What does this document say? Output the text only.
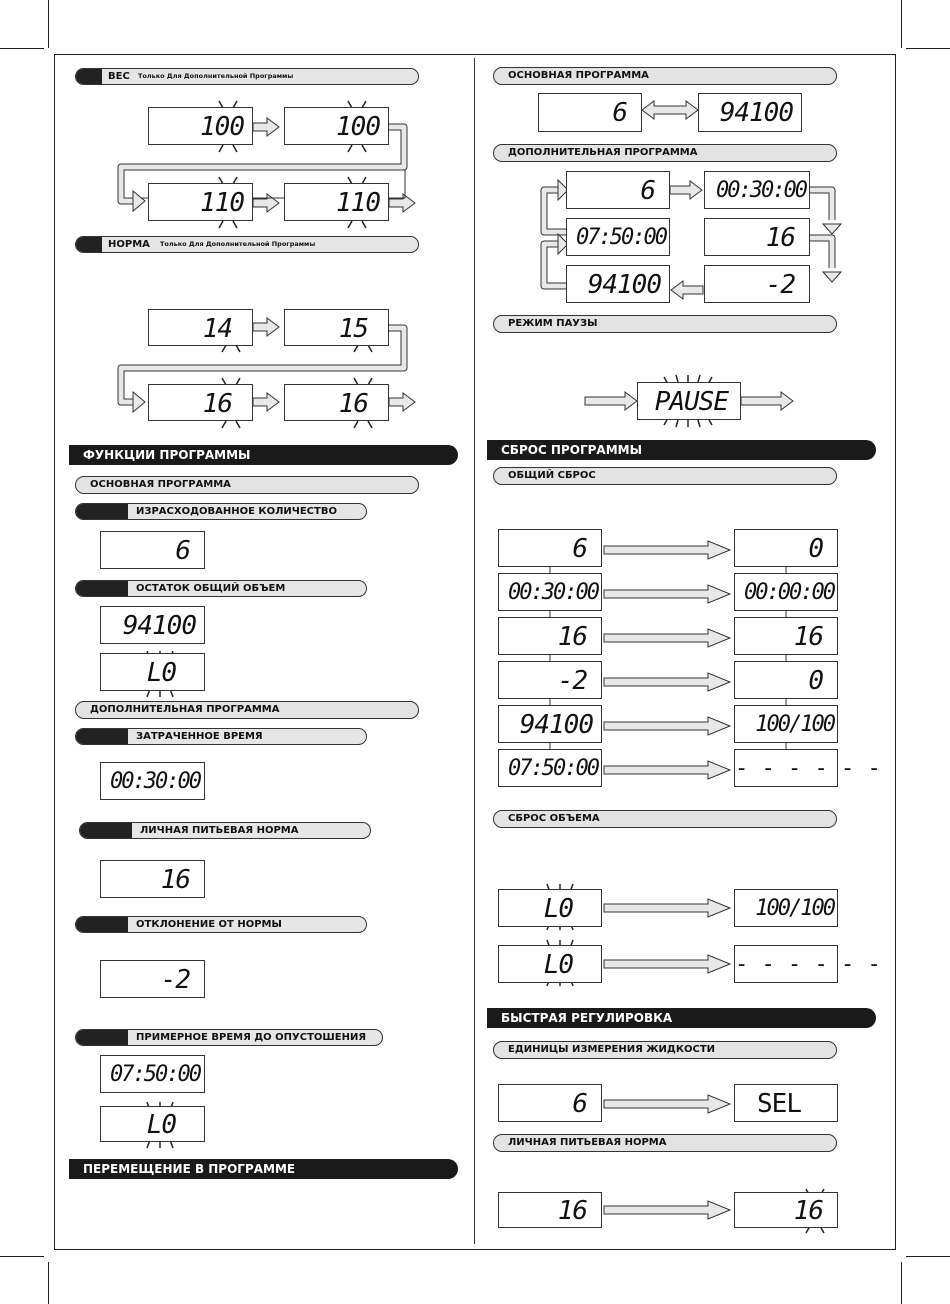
ВЕС Только Для Дополнительной Программы
100	100
110	110
НОРМА Только Для Дополнительной Программы
14	15
16	16
ФУНКЦИИ ПРОГРАММЫ
ОСНОВНАЯ ПРОГРАММА
ИЗРАСХОДОВАННОЕ КОЛИЧЕСТВО
6
ОСТАТОК ОБЩИЙ ОБЪЕМ
94100
L0
ДОПОЛНИТЕЛЬНАЯ ПРОГРАММА
ЗАТРАЧЕННОЕ ВРЕМЯ
00:30:00
ЛИЧНАЯ ПИТЬЕВАЯ НОРМА
16
ОТКЛОНЕНИЕ ОТ НОРМЫ
-2
ПРИМЕРНОЕ ВРЕМЯ ДО ОПУСТОШЕНИЯ
07:50:00
L0
ПЕРЕМЕЩЕНИЕ В ПРОГРАММЕ
ОСНОВНАЯ ПРОГРАММА
6	94100
ДОПОЛНИТЕЛЬНАЯ ПРОГРАММА
6	00:30:00
07:50:00	16
94100	-2
РЕЖИМ ПАУЗЫ
PAUSE
СБРОС ПРОГРАММЫ
ОБЩИЙ СБРОС
6	0
00:30:00	00:00:00
16	16
-2	0
94100	100/100
07:50:00	- - - - - -
СБРОС ОБЪЕМА
L0	100/100
L0	- - - - - -
БЫСТРАЯ РЕГУЛИРОВКА
ЕДИНИЦЫ ИЗМЕРЕНИЯ ЖИДКОСТИ
6	SEL
ЛИЧНАЯ ПИТЬЕВАЯ НОРМА
16	16
